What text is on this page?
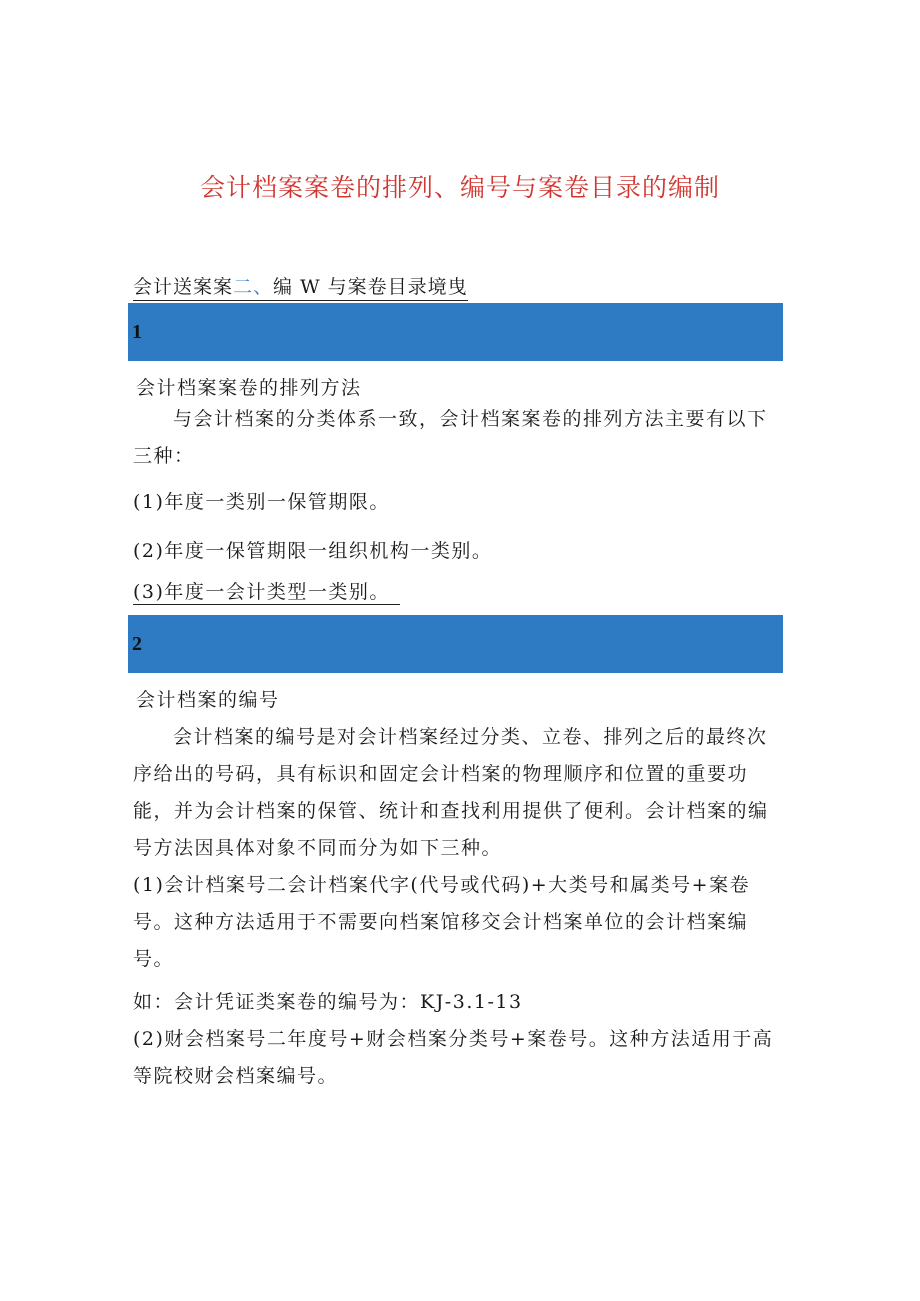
会计档案案卷的排列、编号与案卷目录的编制
会计送案案二、编 W 与案卷目录境曳
1
会计档案案卷的排列方法
与会计档案的分类体系一致，会计档案案卷的排列方法主要有以下三种：
(1)年度一类别一保管期限。
(2)年度一保管期限一组织机构一类别。
(3)年度一会计类型一类别。
2
会计档案的编号
会计档案的编号是对会计档案经过分类、立卷、排列之后的最终次序给出的号码，具有标识和固定会计档案的物理顺序和位置的重要功能，并为会计档案的保管、统计和查找利用提供了便利。会计档案的编号方法因具体对象不同而分为如下三种。
(1)会计档案号二会计档案代字(代号或代码)+大类号和属类号+案卷号。这种方法适用于不需要向档案馆移交会计档案单位的会计档案编号。
如：会计凭证类案卷的编号为：KJ-3.1-13
(2)财会档案号二年度号+财会档案分类号+案卷号。这种方法适用于高等院校财会档案编号。
